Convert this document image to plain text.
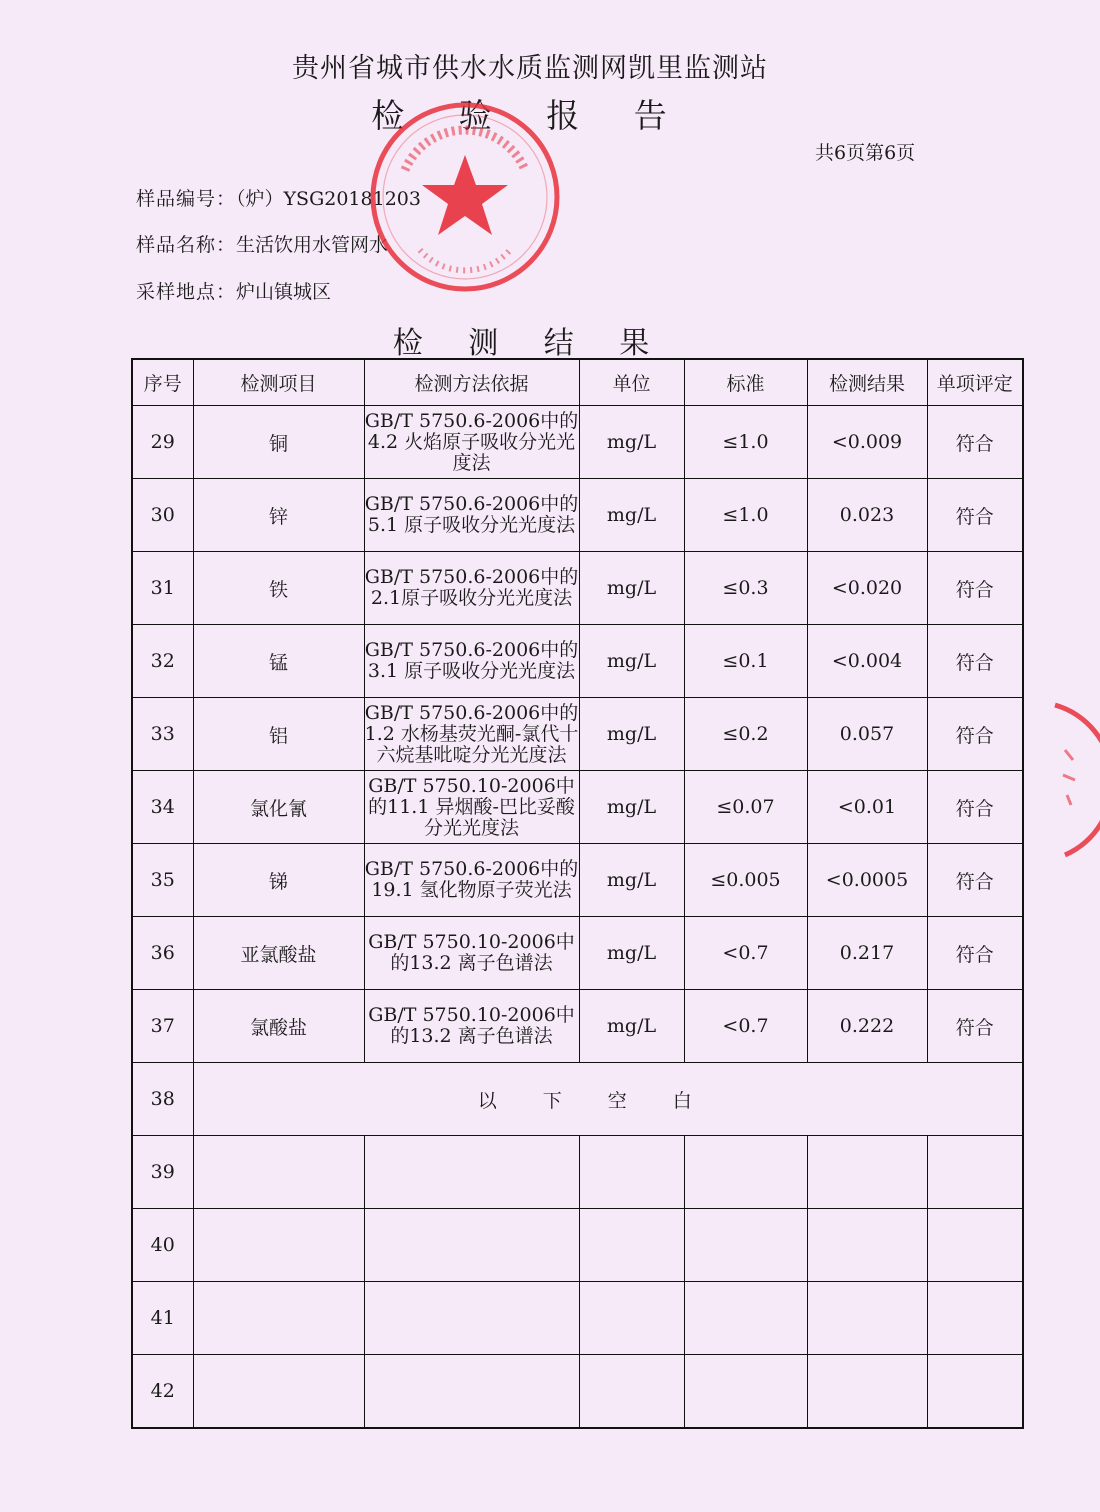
贵州省城市供水水质监测网凯里监测站
检 验 报 告
共6页第6页
样品编号：（炉）YSG20181203
样品名称：生活饮用水管网水
采样地点：炉山镇城区
检 测 结 果
序号	检测项目	检测方法依据	单位	标准	检测结果	单项评定
29	铜	GB/T 5750.6-2006中的4.2 火焰原子吸收分光光度法	mg/L	≤1.0	<0.009	符合
30	锌	GB/T 5750.6-2006中的5.1 原子吸收分光光度法	mg/L	≤1.0	0.023	符合
31	铁	GB/T 5750.6-2006中的2.1原子吸收分光光度法	mg/L	≤0.3	<0.020	符合
32	锰	GB/T 5750.6-2006中的3.1 原子吸收分光光度法	mg/L	≤0.1	<0.004	符合
33	铝	GB/T 5750.6-2006中的1.2 水杨基荧光酮-氯代十六烷基吡啶分光光度法	mg/L	≤0.2	0.057	符合
34	氯化氰	GB/T 5750.10-2006中的11.1 异烟酸-巴比妥酸分光光度法	mg/L	≤0.07	<0.01	符合
35	锑	GB/T 5750.6-2006中的19.1 氢化物原子荧光法	mg/L	≤0.005	<0.0005	符合
36	亚氯酸盐	GB/T 5750.10-2006中的13.2 离子色谱法	mg/L	<0.7	0.217	符合
37	氯酸盐	GB/T 5750.10-2006中的13.2 离子色谱法	mg/L	<0.7	0.222	符合
38	以下空白					
39						
40						
41						
42						
